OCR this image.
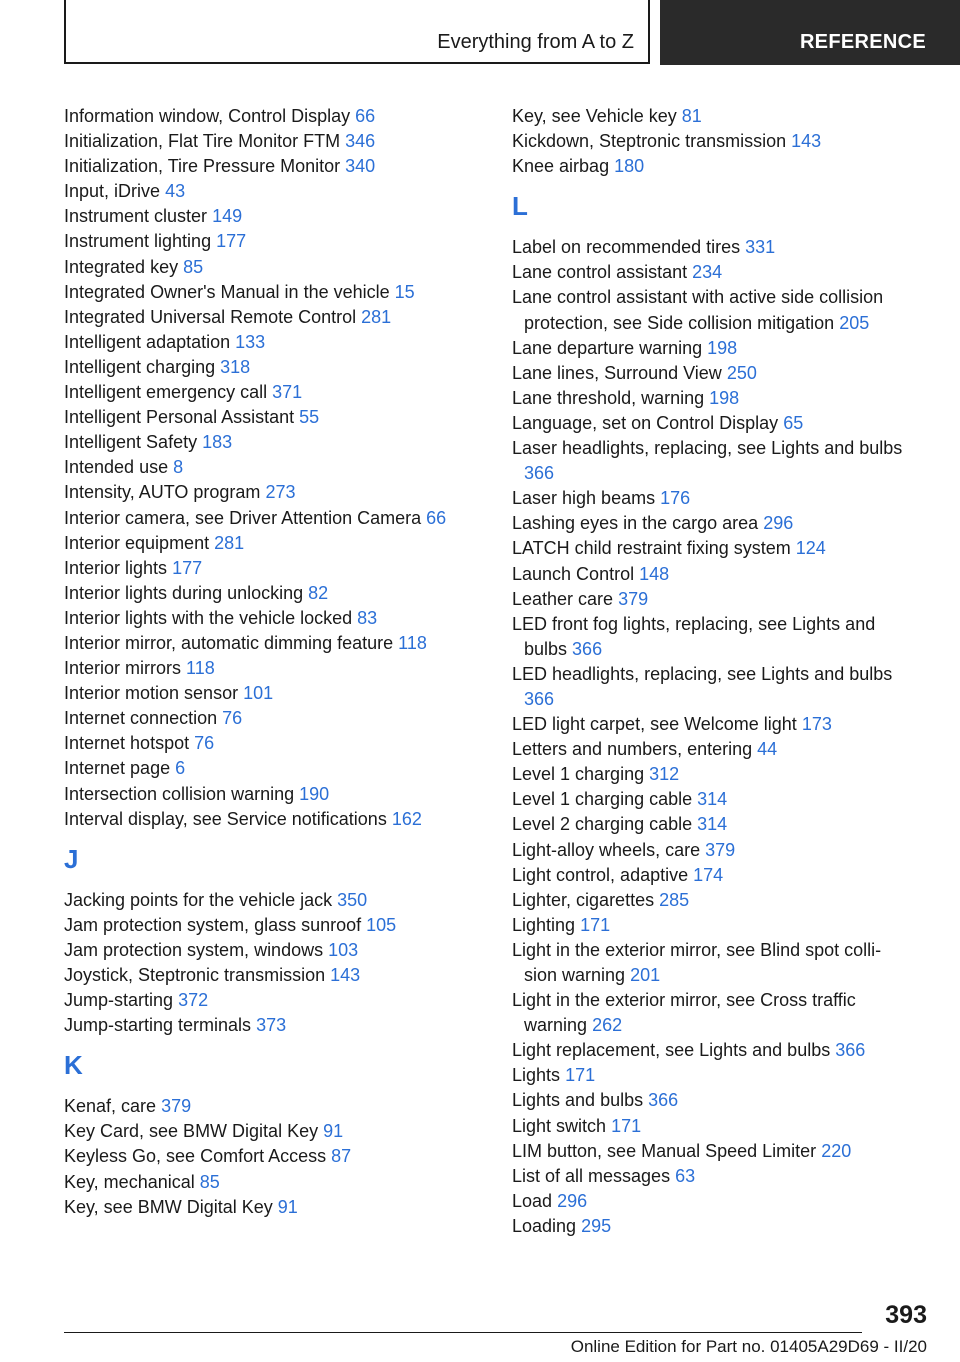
Everything from A to Z	REFERENCE
Information window, Control Display 66
Initialization, Flat Tire Monitor FTM 346
Initialization, Tire Pressure Monitor 340
Input, iDrive 43
Instrument cluster 149
Instrument lighting 177
Integrated key 85
Integrated Owner's Manual in the vehicle 15
Integrated Universal Remote Control 281
Intelligent adaptation 133
Intelligent charging 318
Intelligent emergency call 371
Intelligent Personal Assistant 55
Intelligent Safety 183
Intended use 8
Intensity, AUTO program 273
Interior camera, see Driver Attention Camera 66
Interior equipment 281
Interior lights 177
Interior lights during unlocking 82
Interior lights with the vehicle locked 83
Interior mirror, automatic dimming feature 118
Interior mirrors 118
Interior motion sensor 101
Internet connection 76
Internet hotspot 76
Internet page 6
Intersection collision warning 190
Interval display, see Service notifications 162
J
Jacking points for the vehicle jack 350
Jam protection system, glass sunroof 105
Jam protection system, windows 103
Joystick, Steptronic transmission 143
Jump-starting 372
Jump-starting terminals 373
K
Kenaf, care 379
Key Card, see BMW Digital Key 91
Keyless Go, see Comfort Access 87
Key, mechanical 85
Key, see BMW Digital Key 91
Key, see Vehicle key 81
Kickdown, Steptronic transmission 143
Knee airbag 180
L
Label on recommended tires 331
Lane control assistant 234
Lane control assistant with active side collision protection, see Side collision mitigation 205
Lane departure warning 198
Lane lines, Surround View 250
Lane threshold, warning 198
Language, set on Control Display 65
Laser headlights, replacing, see Lights and bulbs 366
Laser high beams 176
Lashing eyes in the cargo area 296
LATCH child restraint fixing system 124
Launch Control 148
Leather care 379
LED front fog lights, replacing, see Lights and bulbs 366
LED headlights, replacing, see Lights and bulbs 366
LED light carpet, see Welcome light 173
Letters and numbers, entering 44
Level 1 charging 312
Level 1 charging cable 314
Level 2 charging cable 314
Light-alloy wheels, care 379
Light control, adaptive 174
Lighter, cigarettes 285
Lighting 171
Light in the exterior mirror, see Blind spot colli-sion warning 201
Light in the exterior mirror, see Cross traffic warning 262
Light replacement, see Lights and bulbs 366
Lights 171
Lights and bulbs 366
Light switch 171
LIM button, see Manual Speed Limiter 220
List of all messages 63
Load 296
Loading 295
393
Online Edition for Part no. 01405A29D69 - II/20
